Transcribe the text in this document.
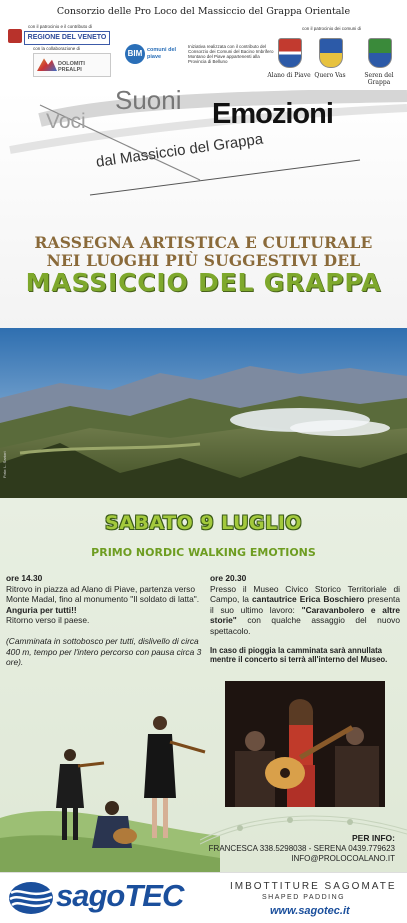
Consorzio delle Pro Loco del Massiccio del Grappa Orientale
con il patrocinio e il contributo di
REGIONE DEL VENETO
con la collaborazione di
DOLOMITI PREALPI
BIM comuni del piave
Iniziativa realizzata con il contributo del Consorzio dei Comuni del Bacino Imbrifero Montano del Piave appartenenti alla Provincia di Belluno
con il patrocinio dei comuni di
Alano di Piave Quero Vas	Seren del Grappa
Voci
Suoni Emozioni
dal Massiccio del Grappa
RASSEGNA ARTISTICA E CULTURALE
NEI LUOGHI PIÙ SUGGESTIVI DEL
MASSICCIO DEL GRAPPA
Foto: L. Sartori
SABATO 9 LUGLIO
PRIMO NORDIC WALKING EMOTIONS
ore 14.30
Ritrovo in piazza ad Alano di Piave, partenza verso Monte Madal, fino al monumento "Il soldato di latta".
Anguria per tutti!!
Ritorno verso il paese.
(Camminata in sottobosco per tutti, dislivello di circa 400 m, tempo per l'intero percorso con pausa circa 3 ore).
ore 20.30
Presso il Museo Civico Storico Territoriale di Campo, la cantautrice Erica Boschiero presenta il suo ultimo lavoro: "Caravanbolero e altre storie" con qualche assaggio del nuovo spettacolo.
In caso di pioggia la camminata sarà annullata mentre il concerto si terrà all'interno del Museo.
PER INFO:
FRANCESCA 338.5298038 - SERENA 0439.779623
INFO@PROLOCOALANO.IT
sagoTEC	IMBOTTITURE SAGOMATE
SHAPED PADDING
www.sagotec.it
